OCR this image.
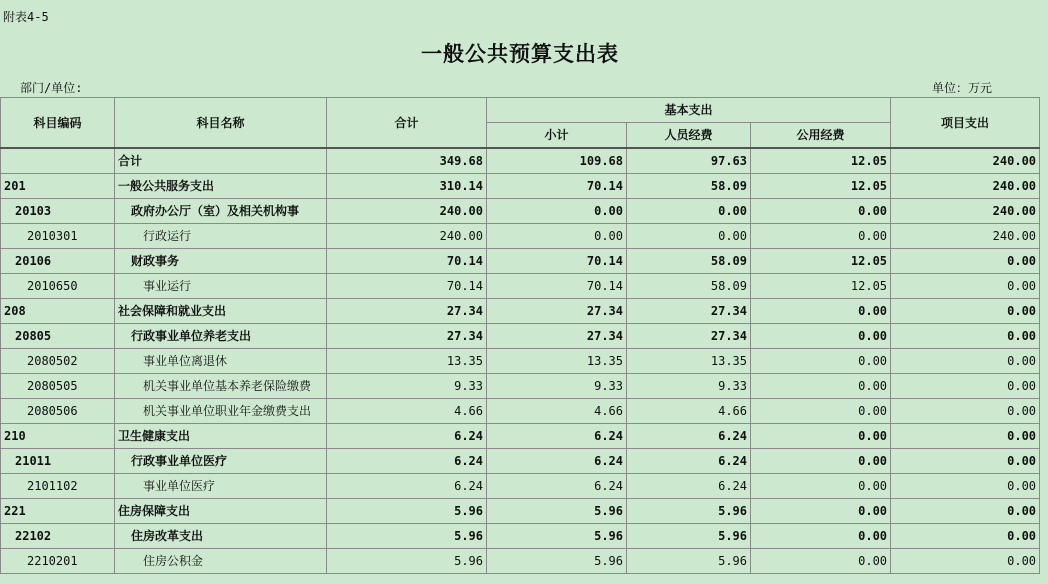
附表4-5
一般公共预算支出表
部门/单位:	单位：万元
科目编码	科目名称	合计	基本支出			项目支出
			小计	人员经费	公用经费	
	合计	349.68	109.68	97.63	12.05	240.00
201	一般公共服务支出	310.14	70.14	58.09	12.05	240.00
20103	政府办公厅（室）及相关机构事	240.00	0.00	0.00	0.00	240.00
2010301	行政运行	240.00	0.00	0.00	0.00	240.00
20106	财政事务	70.14	70.14	58.09	12.05	0.00
2010650	事业运行	70.14	70.14	58.09	12.05	0.00
208	社会保障和就业支出	27.34	27.34	27.34	0.00	0.00
20805	行政事业单位养老支出	27.34	27.34	27.34	0.00	0.00
2080502	事业单位离退休	13.35	13.35	13.35	0.00	0.00
2080505	机关事业单位基本养老保险缴费	9.33	9.33	9.33	0.00	0.00
2080506	机关事业单位职业年金缴费支出	4.66	4.66	4.66	0.00	0.00
210	卫生健康支出	6.24	6.24	6.24	0.00	0.00
21011	行政事业单位医疗	6.24	6.24	6.24	0.00	0.00
2101102	事业单位医疗	6.24	6.24	6.24	0.00	0.00
221	住房保障支出	5.96	5.96	5.96	0.00	0.00
22102	住房改革支出	5.96	5.96	5.96	0.00	0.00
2210201	住房公积金	5.96	5.96	5.96	0.00	0.00
